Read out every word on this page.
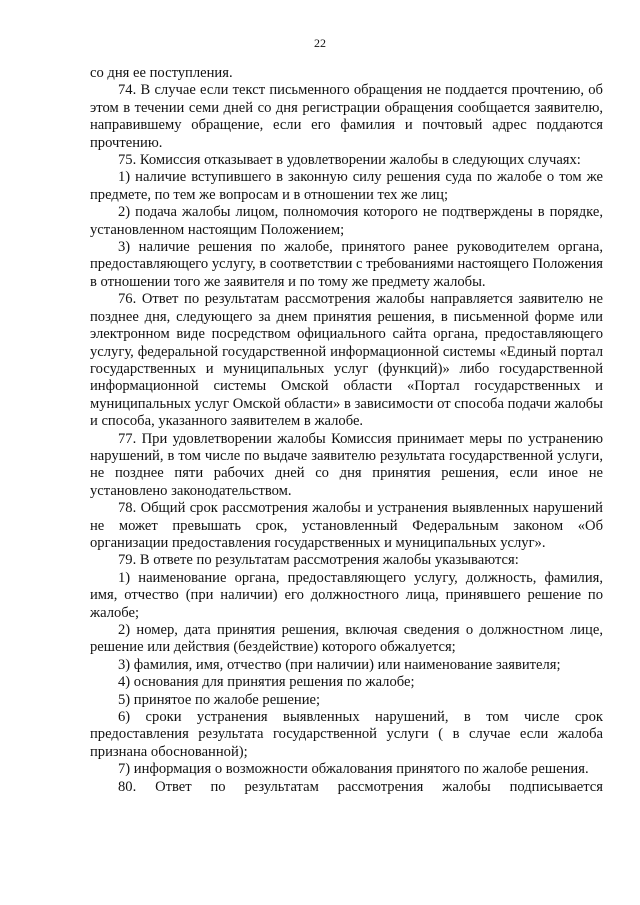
22

со дня ее поступления.

74. В случае если текст письменного обращения не поддается прочтению, об этом в течении семи дней со дня регистрации обращения сообщается заявителю, направившему обращение, если его фамилия и почтовый адрес поддаются прочтению.

75. Комиссия отказывает в удовлетворении жалобы в следующих случаях:

1) наличие вступившего в законную силу решения суда по жалобе о том же предмете, по тем же вопросам и в отношении тех же лиц;

2) подача жалобы лицом, полномочия которого не подтверждены в порядке, установленном настоящим Положением;

3) наличие решения по жалобе, принятого ранее руководителем органа, предоставляющего услугу, в соответствии с требованиями настоящего Положения в отношении того же заявителя и по тому же предмету жалобы.

76. Ответ по результатам рассмотрения жалобы направляется заявителю не позднее дня, следующего за днем принятия решения, в письменной форме или электронном виде посредством официального сайта органа, предоставляющего услугу, федеральной государственной информационной системы «Единый портал государственных и муниципальных услуг (функций)» либо государственной информационной системы Омской области «Портал государственных и муниципальных услуг Омской области» в зависимости от способа подачи жалобы и способа, указанного заявителем в жалобе.

77. При удовлетворении жалобы Комиссия принимает меры по устранению нарушений, в том числе по выдаче заявителю результата государственной услуги, не позднее пяти рабочих дней со дня принятия решения, если иное не установлено законодательством.

78. Общий срок рассмотрения жалобы и устранения выявленных нарушений не может превышать срок, установленный Федеральным законом «Об организации предоставления государственных и муниципальных услуг».

79. В ответе по результатам рассмотрения жалобы указываются:

1) наименование органа, предоставляющего услугу, должность, фамилия, имя, отчество (при наличии) его должностного лица, принявшего решение по жалобе;

2) номер, дата принятия решения, включая сведения о должностном лице, решение или действия (бездействие) которого обжалуется;

3) фамилия, имя, отчество (при наличии) или наименование заявителя;

4) основания для принятия решения по жалобе;

5) принятое по жалобе решение;

6) сроки устранения выявленных нарушений, в том числе срок предоставления результата государственной услуги ( в случае если жалоба признана обоснованной);

7) информация о возможности обжалования принятого по жалобе решения.

80. Ответ по результатам рассмотрения жалобы подписывается
